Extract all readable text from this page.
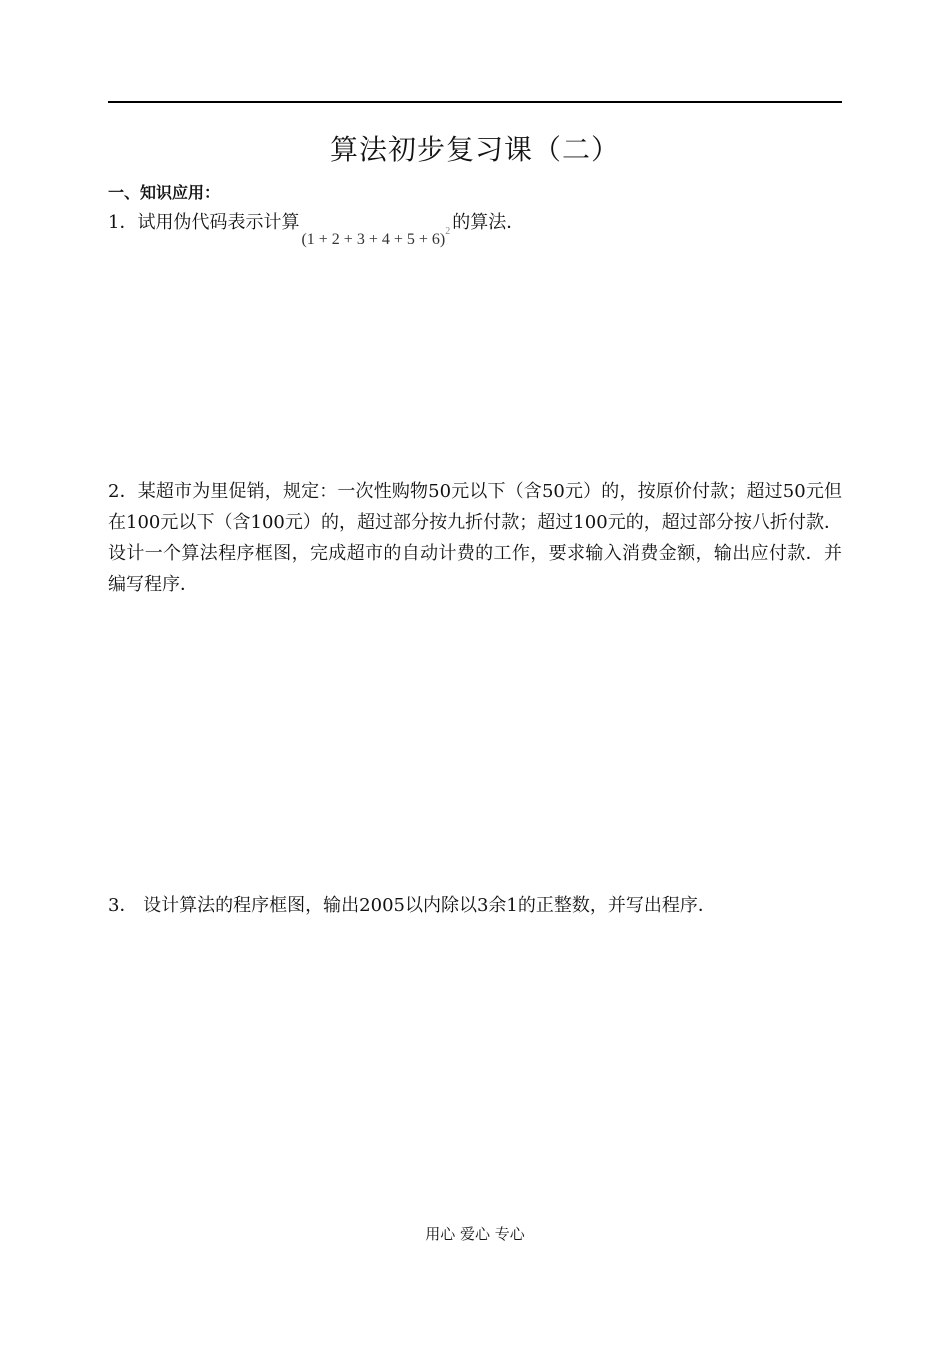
算法初步复习课（二）
一、知识应用：
1．试用伪代码表示计算$(1 + 2 + 3 + 4 + 5 + 6)^2$ 的算法．
2．某超市为里促销，规定：一次性购物50元以下（含50元）的，按原价付款；超过50元但在100元以下（含100元）的，超过部分按九折付款；超过100元的，超过部分按八折付款．设计一个算法程序框图，完成超市的自动计费的工作，要求输入消费金额，输出应付款．并编写程序．
3． 设计算法的程序框图，输出2005以内除以3余1的正整数，并写出程序．
用心 爱心 专心
